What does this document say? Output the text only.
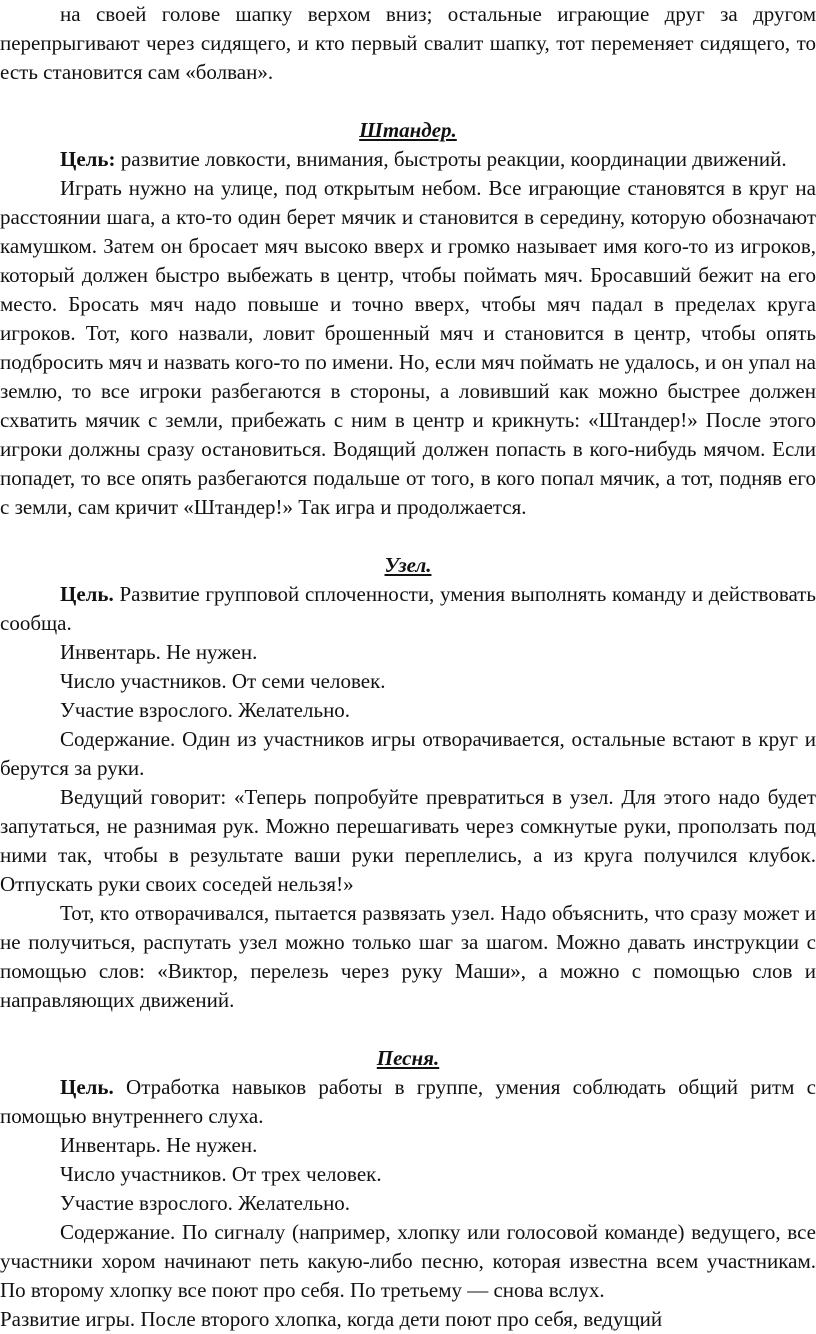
на своей голове шапку верхом вниз; остальные играющие друг за другом перепрыгивают через сидящего, и кто первый свалит шапку, тот переменяет сидящего, то есть становится сам «болван».

Штандер.

Цель: развитие ловкости, внимания, быстроты реакции, координации движений.

Играть нужно на улице, под открытым небом. Все играющие становятся в круг на расстоянии шага, а кто-то один берет мячик и становится в середину, которую обозначают камушком. Затем он бросает мяч высоко вверх и громко называет имя кого-то из игроков, который должен быстро выбежать в центр, чтобы поймать мяч. Бросавший бежит на его место. Бросать мяч надо повыше и точно вверх, чтобы мяч падал в пределах круга игроков. Тот, кого назвали, ловит брошенный мяч и становится в центр, чтобы опять подбросить мяч и назвать кого-то по имени. Но, если мяч поймать не удалось, и он упал на землю, то все игроки разбегаются в стороны, а ловивший как можно быстрее должен схватить мячик с земли, прибежать с ним в центр и крикнуть: «Штандер!» После этого игроки должны сразу остановиться. Водящий должен попасть в кого-нибудь мячом. Если попадет, то все опять разбегаются подальше от того, в кого попал мячик, а тот, подняв его с земли, сам кричит «Штандер!» Так игра и продолжается.

Узел.

Цель. Развитие групповой сплоченности, умения выполнять команду и действовать сообща.

Инвентарь. Не нужен.

Число участников. От семи человек.

Участие взрослого. Желательно.

Содержание. Один из участников игры отворачивается, остальные встают в круг и берутся за руки.

Ведущий говорит: «Теперь попробуйте превратиться в узел. Для этого надо будет запутаться, не разнимая рук. Можно перешагивать через сомкнутые руки, проползать под ними так, чтобы в результате ваши руки переплелись, а из круга получился клубок. Отпускать руки своих соседей нельзя!»

Тот, кто отворачивался, пытается развязать узел. Надо объяснить, что сразу может и не получиться, распутать узел можно только шаг за шагом. Можно давать инструкции с помощью слов: «Виктор, перелезь через руку Маши», а можно с помощью слов и направляющих движений.

Песня.

Цель. Отработка навыков работы в группе, умения соблюдать общий ритм с помощью внутреннего слуха.

Инвентарь. Не нужен.

Число участников. От трех человек.

Участие взрослого. Желательно.

Содержание. По сигналу (например, хлопку или голосовой команде) ведущего, все участники хором начинают петь какую-либо песню, которая известна всем участникам. По второму хлопку все поют про себя. По третьему — снова вслух.

Развитие игры. После второго хлопка, когда дети поют про себя, ведущий
